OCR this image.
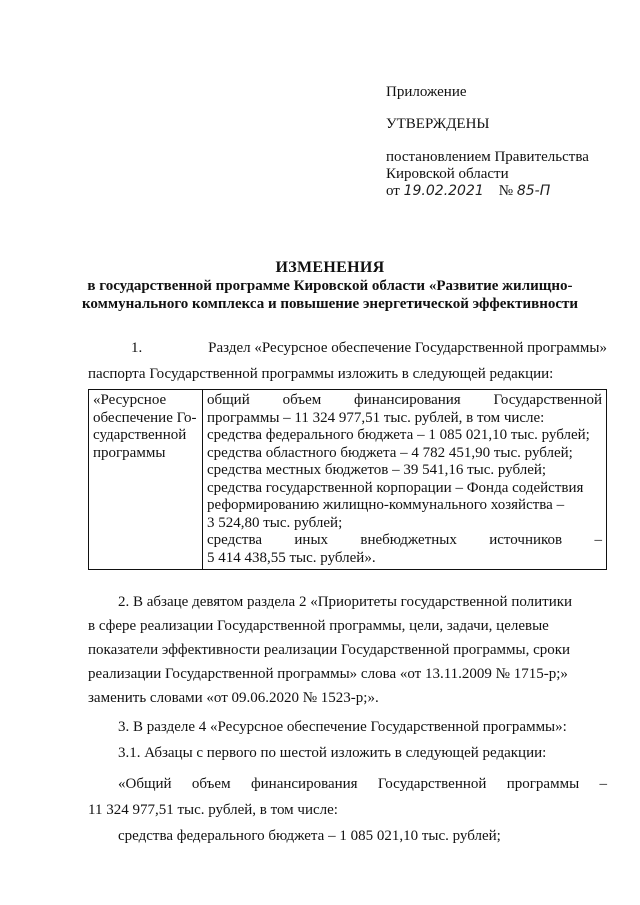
Приложение
УТВЕРЖДЕНЫ
постановлением Правительства
Кировской области
от 19.02.2021 № 85-П
ИЗМЕНЕНИЯ
в государственной программе Кировской области «Развитие жилищно-
коммунального комплекса и повышение энергетической эффективности
1.	Раздел «Ресурсное обеспечение Государственной программы»
паспорта Государственной программы изложить в следующей редакции:
«Ресурсное
обеспечение Го-
сударственной
программы

общий объем финансирования Государственной
программы – 11 324 977,51 тыс. рублей, в том числе:
средства федерального бюджета – 1 085 021,10 тыс. рублей;
средства областного бюджета – 4 782 451,90 тыс. рублей;
средства местных бюджетов – 39 541,16 тыс. рублей;
средства государственной корпорации – Фонда содействия
реформированию жилищно-коммунального хозяйства –
3 524,80 тыс. рублей;
средства иных внебюджетных источников –
5 414 438,55 тыс. рублей».
2. В абзаце девятом раздела 2 «Приоритеты государственной политики
в сфере реализации Государственной программы, цели, задачи, целевые
показатели эффективности реализации Государственной программы, сроки
реализации Государственной программы» слова «от 13.11.2009 № 1715-р;»
заменить словами «от 09.06.2020 № 1523-р;».
3. В разделе 4 «Ресурсное обеспечение Государственной программы»:
3.1. Абзацы с первого по шестой изложить в следующей редакции:
«Общий объем финансирования Государственной программы –
11 324 977,51 тыс. рублей, в том числе:
средства федерального бюджета – 1 085 021,10 тыс. рублей;
